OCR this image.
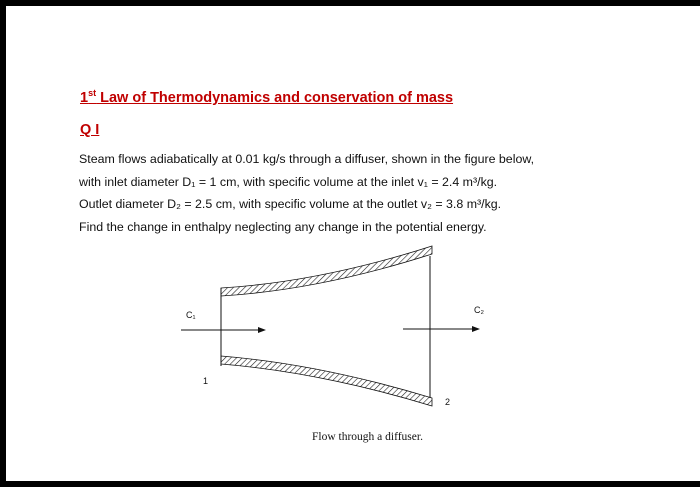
1st Law of Thermodynamics and conservation of mass
Q I
Steam flows adiabatically at 0.01 kg/s through a diffuser, shown in the figure below,
with inlet diameter D₁ = 1 cm, with specific volume at the inlet v₁ = 2.4 m³/kg.
Outlet diameter D₂ = 2.5 cm, with specific volume at the outlet v₂ = 3.8 m³/kg.
Find the change in enthalpy neglecting any change in the potential energy.
C₁	C₂
1
2
Flow through a diffuser.
